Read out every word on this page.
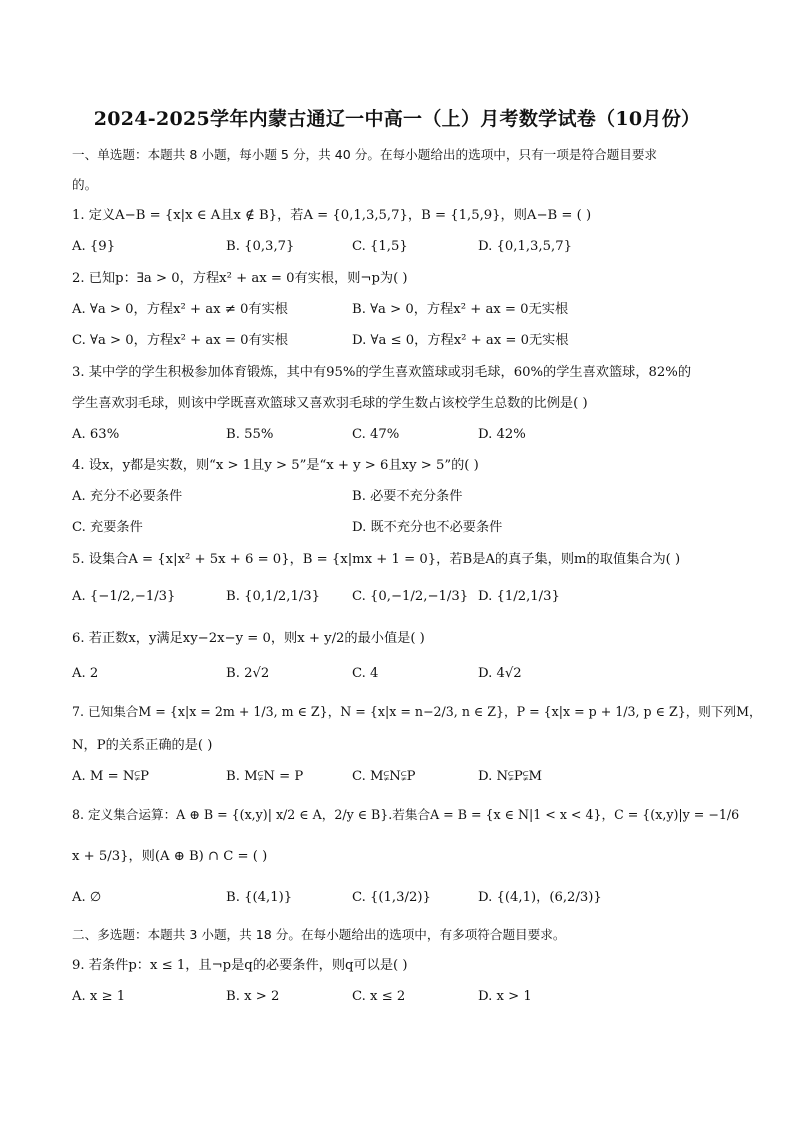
2024-2025学年内蒙古通辽一中高一（上）月考数学试卷（10月份）
一、单选题：本题共 8 小题，每小题 5 分，共 40 分。在每小题给出的选项中，只有一项是符合题目要求
的。
1. 定义A−B = {x|x ∈ A且x ∉ B}，若A = {0,1,3,5,7}，B = {1,5,9}，则A−B = ( )
A. {9}	B. {0,3,7}	C. {1,5}	D. {0,1,3,5,7}
2. 已知p：∃a > 0，方程x² + ax = 0有实根，则¬p为( )
A. ∀a > 0，方程x² + ax ≠ 0有实根	B. ∀a > 0，方程x² + ax = 0无实根
C. ∀a > 0，方程x² + ax = 0有实根	D. ∀a ≤ 0，方程x² + ax = 0无实根
3. 某中学的学生积极参加体育锻炼，其中有95%的学生喜欢篮球或羽毛球，60%的学生喜欢篮球，82%的
学生喜欢羽毛球，则该中学既喜欢篮球又喜欢羽毛球的学生数占该校学生总数的比例是( )
A. 63%	B. 55%	C. 47%	D. 42%
4. 设x，y都是实数，则“x > 1且y > 5”是“x + y > 6且xy > 5”的( )
A. 充分不必要条件	B. 必要不充分条件
C. 充要条件	D. 既不充分也不必要条件
5. 设集合A = {x|x² + 5x + 6 = 0}，B = {x|mx + 1 = 0}，若B是A的真子集，则m的取值集合为( )
A. {−1/2,−1/3}	B. {0,1/2,1/3} C. {0,−1/2,−1/3} D. {1/2,1/3}
6. 若正数x，y满足xy−2x−y = 0，则x + y/2的最小值是( )
A. 2	B. 2√2	C. 4	D. 4√2
7. 已知集合M = {x|x = 2m + 1/3, m ∈ Z}，N = {x|x = n−2/3, n ∈ Z}，P = {x|x = p + 1/3, p ∈ Z}，则下列M，
N，P的关系正确的是( )
A. M = N⫋P	B. M⫋N = P	C. M⫋N⫋P	D. N⫋P⫋M
8. 定义集合运算：A ⊕ B = {(x,y)| x/2 ∈ A，2/y ∈ B}.若集合A = B = {x ∈ N|1 < x < 4}，C = {(x,y)|y = −1/6
x + 5/3}，则(A ⊕ B) ∩ C = ( )
A. ∅	B. {(4,1)}	C. {(1,3/2)}	D. {(4,1)，(6,2/3)}
二、多选题：本题共 3 小题，共 18 分。在每小题给出的选项中，有多项符合题目要求。
9. 若条件p：x ≤ 1，且¬p是q的必要条件，则q可以是( )
A. x ≥ 1	B. x > 2	C. x ≤ 2	D. x > 1
